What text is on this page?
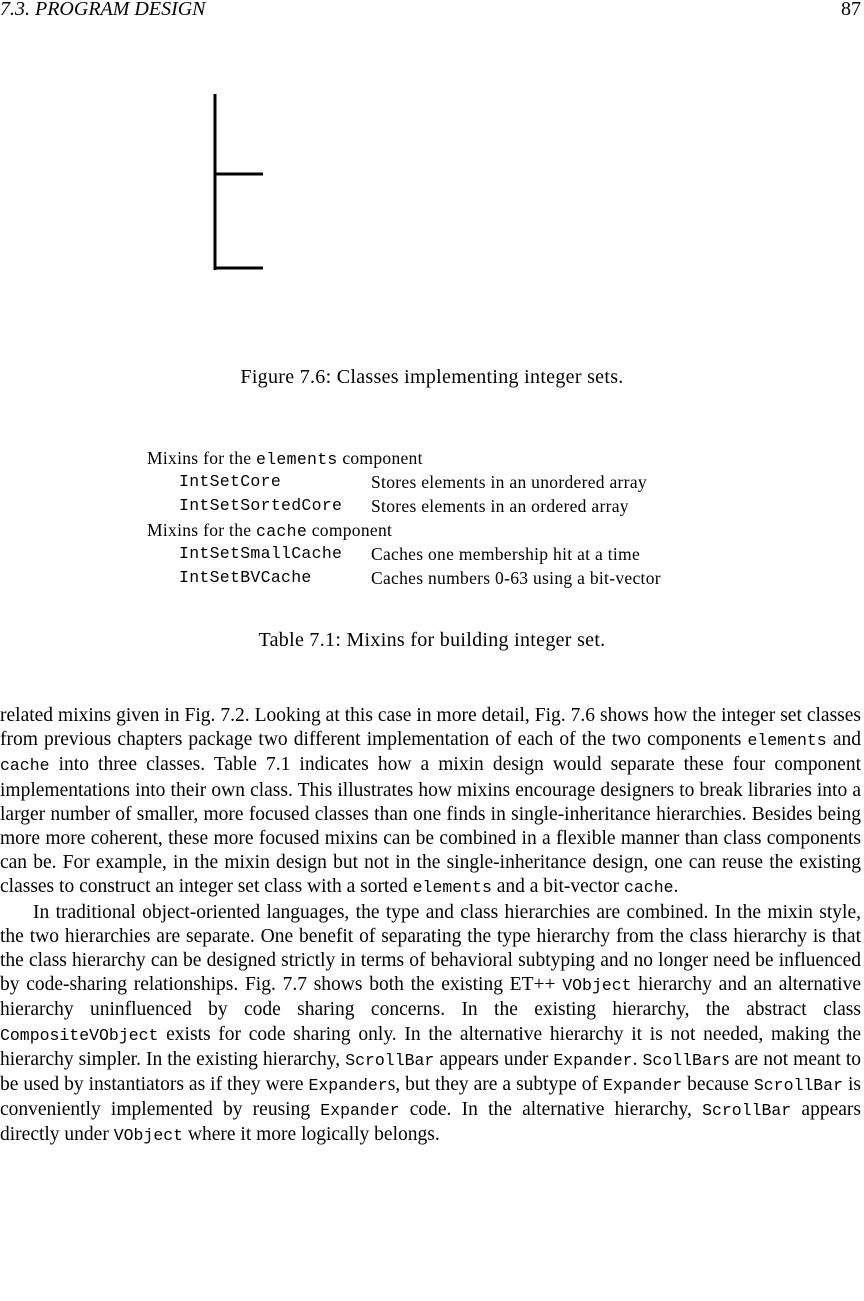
7.3. PROGRAM DESIGN	87
Figure 7.6: Classes implementing integer sets.
Mixins for the elements component
IntSetCore	Stores elements in an unordered array
IntSetSortedCore Stores elements in an ordered array
Mixins for the cache component
IntSetSmallCache Caches one membership hit at a time
IntSetBVCache	Caches numbers 0-63 using a bit-vector
Table 7.1: Mixins for building integer set.

related mixins given in Fig. 7.2. Looking at this case in more detail, Fig. 7.6 shows how the integer set classes from previous chapters package two different implementation of each of the two components elements and cache into three classes. Table 7.1 indicates how a mixin design would separate these four component implementations into their own class. This illustrates how mixins encourage designers to break libraries into a larger number of smaller, more focused classes than one finds in single-inheritance hierarchies. Besides being more more coherent, these more focused mixins can be combined in a flexible manner than class components can be. For example, in the mixin design but not in the single-inheritance design, one can reuse the existing classes to construct an integer set class with a sorted elements and a bit-vector cache.

In traditional object-oriented languages, the type and class hierarchies are combined. In the mixin style, the two hierarchies are separate. One benefit of separating the type hierarchy from the class hierarchy is that the class hierarchy can be designed strictly in terms of behavioral subtyping and no longer need be influenced by code-sharing relationships. Fig. 7.7 shows both the existing ET++ VObject hierarchy and an alternative hierarchy uninfluenced by code sharing concerns. In the existing hierarchy, the abstract class CompositeVObject exists for code sharing only. In the alternative hierarchy it is not needed, making the hierarchy simpler. In the existing hierarchy, ScrollBar appears under Expander. ScollBars are not meant to be used by instantiators as if they were Expanders, but they are a subtype of Expander because ScrollBar is conveniently implemented by reusing Expander code. In the alternative hierarchy, ScrollBar appears directly under VObject where it more logically belongs.
